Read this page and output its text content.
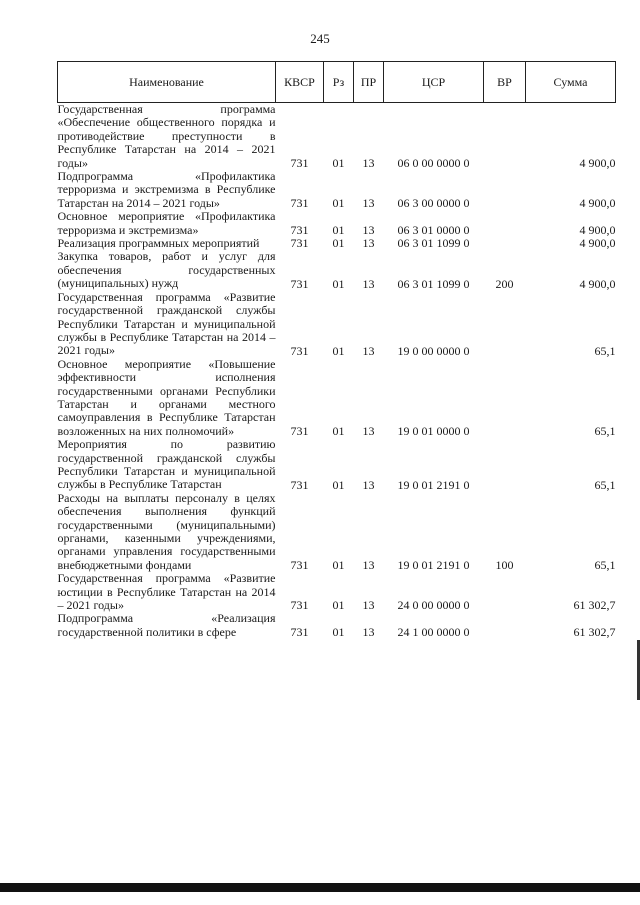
245
Наименование	КВСР	Рз	ПР	ЦСР	ВР	Сумма
Государственная программа «Обеспечение общественного порядка и противодействие преступности в Республике Татарстан на 2014 – 2021 годы»	731	01	13	06 0 00 0000 0		4 900,0
Подпрограмма «Профилактика терроризма и экстремизма в Республике Татарстан на 2014 – 2021 годы»	731	01	13	06 3 00 0000 0		4 900,0
Основное мероприятие «Профилактика терроризма и экстремизма»	731	01	13	06 3 01 0000 0		4 900,0
Реализация программных мероприятий	731	01	13	06 3 01 1099 0		4 900,0
Закупка товаров, работ и услуг для обеспечения государственных (муниципальных) нужд	731	01	13	06 3 01 1099 0	200	4 900,0
Государственная программа «Развитие государственной гражданской службы Республики Татарстан и муниципальной службы в Республике Татарстан на 2014 – 2021 годы»	731	01	13	19 0 00 0000 0		65,1
Основное мероприятие «Повышение эффективности исполнения государственными органами Республики Татарстан и органами местного самоуправления в Республике Татарстан возложенных на них полномочий»	731	01	13	19 0 01 0000 0		65,1
Мероприятия по развитию государственной гражданской службы Республики Татарстан и муниципальной службы в Республике Татарстан	731	01	13	19 0 01 2191 0		65,1
Расходы на выплаты персоналу в целях обеспечения выполнения функций государственными (муниципальными) органами, казенными учреждениями, органами управления государственными внебюджетными фондами	731	01	13	19 0 01 2191 0	100	65,1
Государственная программа «Развитие юстиции в Республике Татарстан на 2014 – 2021 годы»	731	01	13	24 0 00 0000 0		61 302,7
Подпрограмма «Реализация государственной политики в сфере	731	01	13	24 1 00 0000 0		61 302,7
